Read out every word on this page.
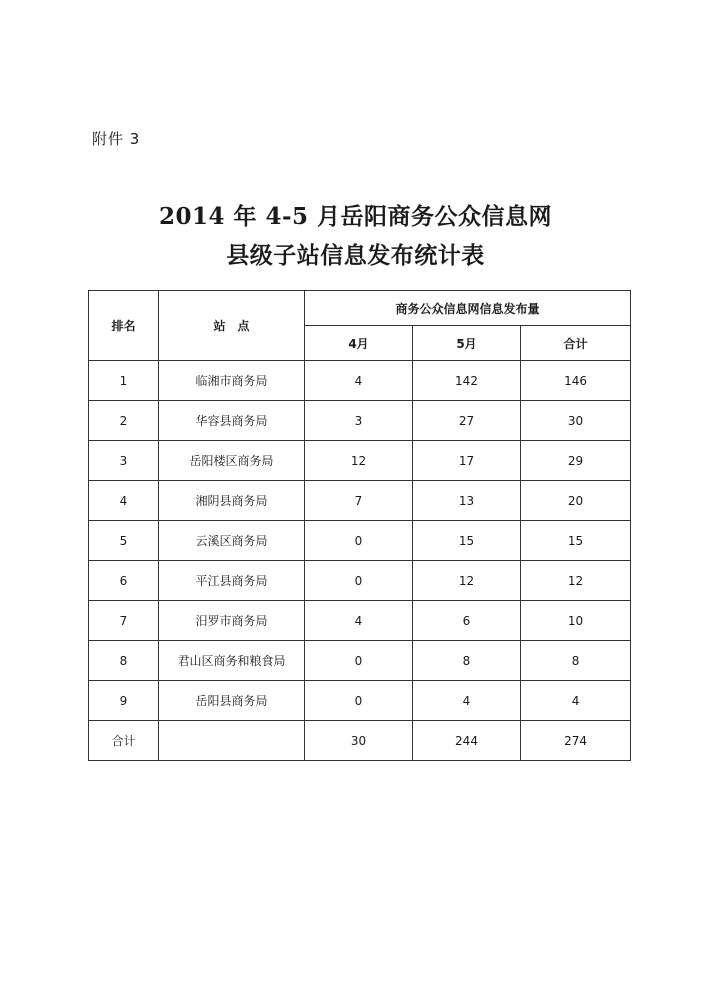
附件 3
2014 年 4-5 月岳阳商务公众信息网
县级子站信息发布统计表
排名	站　点	商务公众信息网信息发布量		
		4月	5月	合计
1	临湘市商务局	4	142	146
2	华容县商务局	3	27	30
3	岳阳楼区商务局	12	17	29
4	湘阴县商务局	7	13	20
5	云溪区商务局	0	15	15
6	平江县商务局	0	12	12
7	汨罗市商务局	4	6	10
8	君山区商务和粮食局	0	8	8
9	岳阳县商务局	0	4	4
合计		30	244	274
